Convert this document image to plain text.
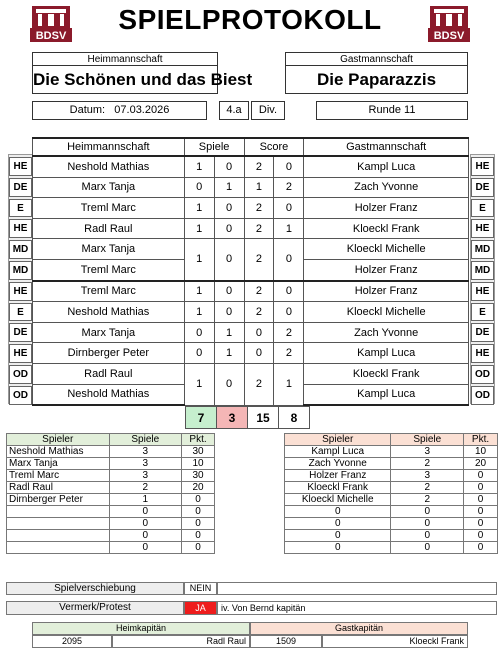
BDSV	BDSV
SPIELPROTOKOLL
Heimmannschaft
Die Schönen und das Biest
Gastmannschaft
Die Paparazzis
Datum: 07.03.2026	4.a	Div.	Runde 11
HE
DE
E
HE
MD
MD
HE
E
DE
HE
OD
OD
HE
DE
E
HE
MD
MD
HE
E
DE
HE
OD
OD
Heimmannschaft	Spiele		Score		Gastmannschaft
Neshold Mathias	1	0	2	0	Kampl Luca
Marx Tanja	0	1	1	2	Zach Yvonne
Treml Marc	1	0	2	0	Holzer Franz
Radl Raul	1	0	2	1	Kloeckl Frank
Marx Tanja	1	0	2	0	Kloeckl Michelle
Treml Marc					Holzer Franz
Treml Marc	1	0	2	0	Holzer Franz
Neshold Mathias	1	0	2	0	Kloeckl Michelle
Marx Tanja	0	1	0	2	Zach Yvonne
Dirnberger Peter	0	1	0	2	Kampl Luca
Radl Raul	1	0	2	1	Kloeckl Frank
Neshold Mathias					Kampl Luca
7	3	15	8
Spieler	Spiele	Pkt.
Neshold Mathias	3	30
Marx Tanja	3	10
Treml Marc	3	30
Radl Raul	2	20
Dirnberger Peter	1	0
	0	0
	0	0
	0	0
	0	0
Spieler	Spiele	Pkt.
Kampl Luca	3	10
Zach Yvonne	2	20
Holzer Franz	3	0
Kloeckl Frank	2	0
Kloeckl Michelle	2	0
0	0	0
0	0	0
0	0	0
0	0	0
Spielverschiebung	NEIN
Vermerk/Protest	JA	iv. Von Bernd kapitän
Heimkapitän
2095	Radl Raul
Gastkapitän
1509	Kloeckl Frank
